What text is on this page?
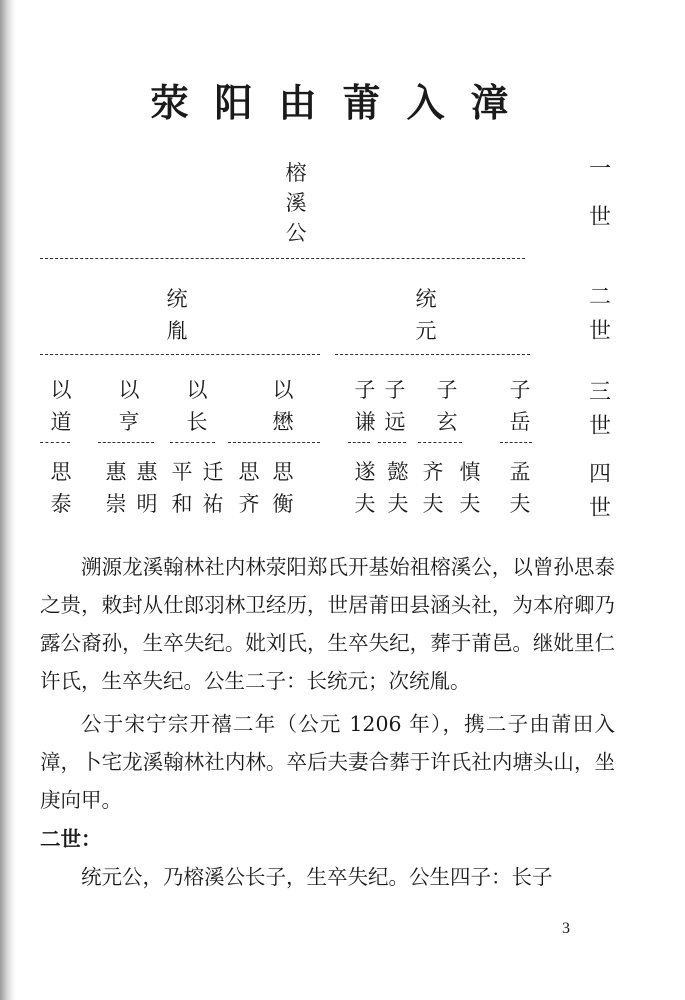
荥阳由莆入漳
一

世
二
世
三
世
四
世
榕
溪
公
统
胤
统
元
以
道
以
亨
以
长
以
懋
子
谦
子
远
子
玄
子
岳
思
泰
惠
崇
惠
明
平
和
迁
祐
思
齐
思
衡
遂
夫
懿
夫
齐
夫
慎
夫
孟
夫

溯源龙溪翰林社内林荥阳郑氏开基始祖榕溪公，以曾孙思泰之贵，敕封从仕郎羽林卫经历，世居莆田县涵头社，为本府卿乃露公裔孙，生卒失纪。妣刘氏，生卒失纪，葬于莆邑。继妣里仁许氏，生卒失纪。公生二子：长统元；次统胤。

公于宋宁宗开禧二年（公元 1206 年），携二子由莆田入漳，卜宅龙溪翰林社内林。卒后夫妻合葬于许氏社内塘头山，坐庚向甲。

二世：

统元公，乃榕溪公长子，生卒失纪。公生四子：长子

3
